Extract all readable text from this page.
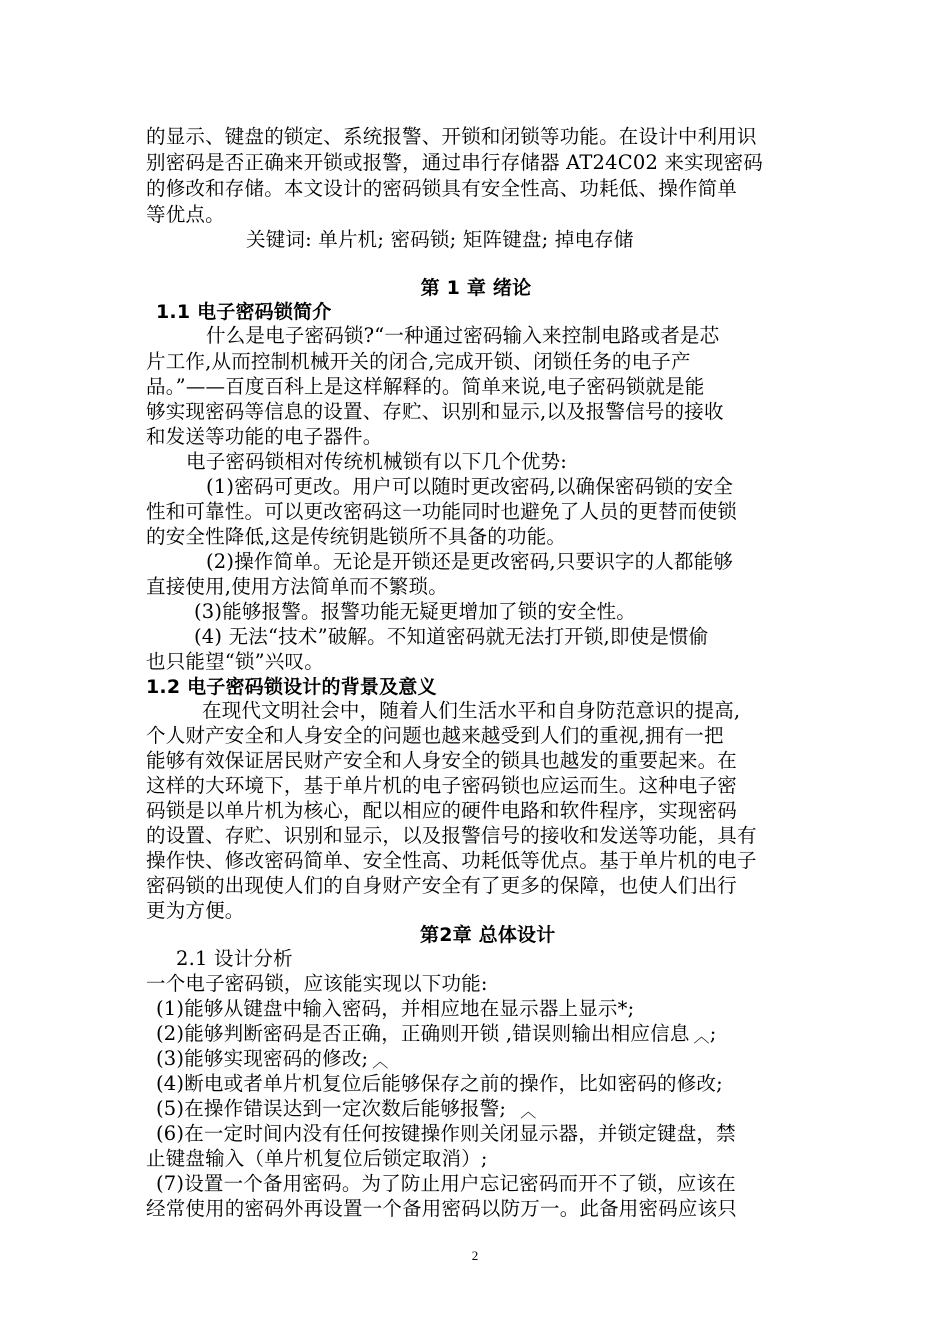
的显示、键盘的锁定、系统报警、开锁和闭锁等功能。在设计中利用识
别密码是否正确来开锁或报警，通过串行存储器 AT24C02 来实现密码
的修改和存储。本文设计的密码锁具有安全性高、功耗低、操作简单
等优点。
关键词: 单片机; 密码锁; 矩阵键盘; 掉电存储
第 1 章 绪论
1.1 电子密码锁简介
什么是电子密码锁?“一种通过密码输入来控制电路或者是芯
片工作,从而控制机械开关的闭合,完成开锁、闭锁任务的电子产
品。”——百度百科上是这样解释的。简单来说,电子密码锁就是能
够实现密码等信息的设置、存贮、识别和显示,以及报警信号的接收
和发送等功能的电子器件。
电子密码锁相对传统机械锁有以下几个优势:
(1)密码可更改。用户可以随时更改密码,以确保密码锁的安全
性和可靠性。可以更改密码这一功能同时也避免了人员的更替而使锁
的安全性降低,这是传统钥匙锁所不具备的功能。
(2)操作简单。无论是开锁还是更改密码,只要识字的人都能够
直接使用,使用方法简单而不繁琐。
(3)能够报警。报警功能无疑更增加了锁的安全性。
(4) 无法“技术”破解。不知道密码就无法打开锁,即使是惯偷
也只能望“锁”兴叹。
1.2 电子密码锁设计的背景及意义
在现代文明社会中，随着人们生活水平和自身防范意识的提高,
个人财产安全和人身安全的问题也越来越受到人们的重视,拥有一把
能够有效保证居民财产安全和人身安全的锁具也越发的重要起来。在
这样的大环境下，基于单片机的电子密码锁也应运而生。这种电子密
码锁是以单片机为核心，配以相应的硬件电路和软件程序，实现密码
的设置、存贮、识别和显示，以及报警信号的接收和发送等功能，具有
操作快、修改密码简单、安全性高、功耗低等优点。基于单片机的电子
密码锁的出现使人们的自身财产安全有了更多的保障，也使人们出行
更为方便。
第2章 总体设计
2.1 设计分析
一个电子密码锁，应该能实现以下功能:
(1)能够从键盘中输入密码，并相应地在显示器上显示*;
(2)能够判断密码是否正确，正确则开锁 ,错误则输出相应信息 ︿;
(3)能够实现密码的修改; ︿
(4)断电或者单片机复位后能够保存之前的操作，比如密码的修改;
(5)在操作错误达到一定次数后能够报警; ︿
(6)在一定时间内没有任何按键操作则关闭显示器，并锁定键盘，禁
止键盘输入（单片机复位后锁定取消）;
(7)设置一个备用密码。为了防止用户忘记密码而开不了锁，应该在
经常使用的密码外再设置一个备用密码以防万一。此备用密码应该只
2
